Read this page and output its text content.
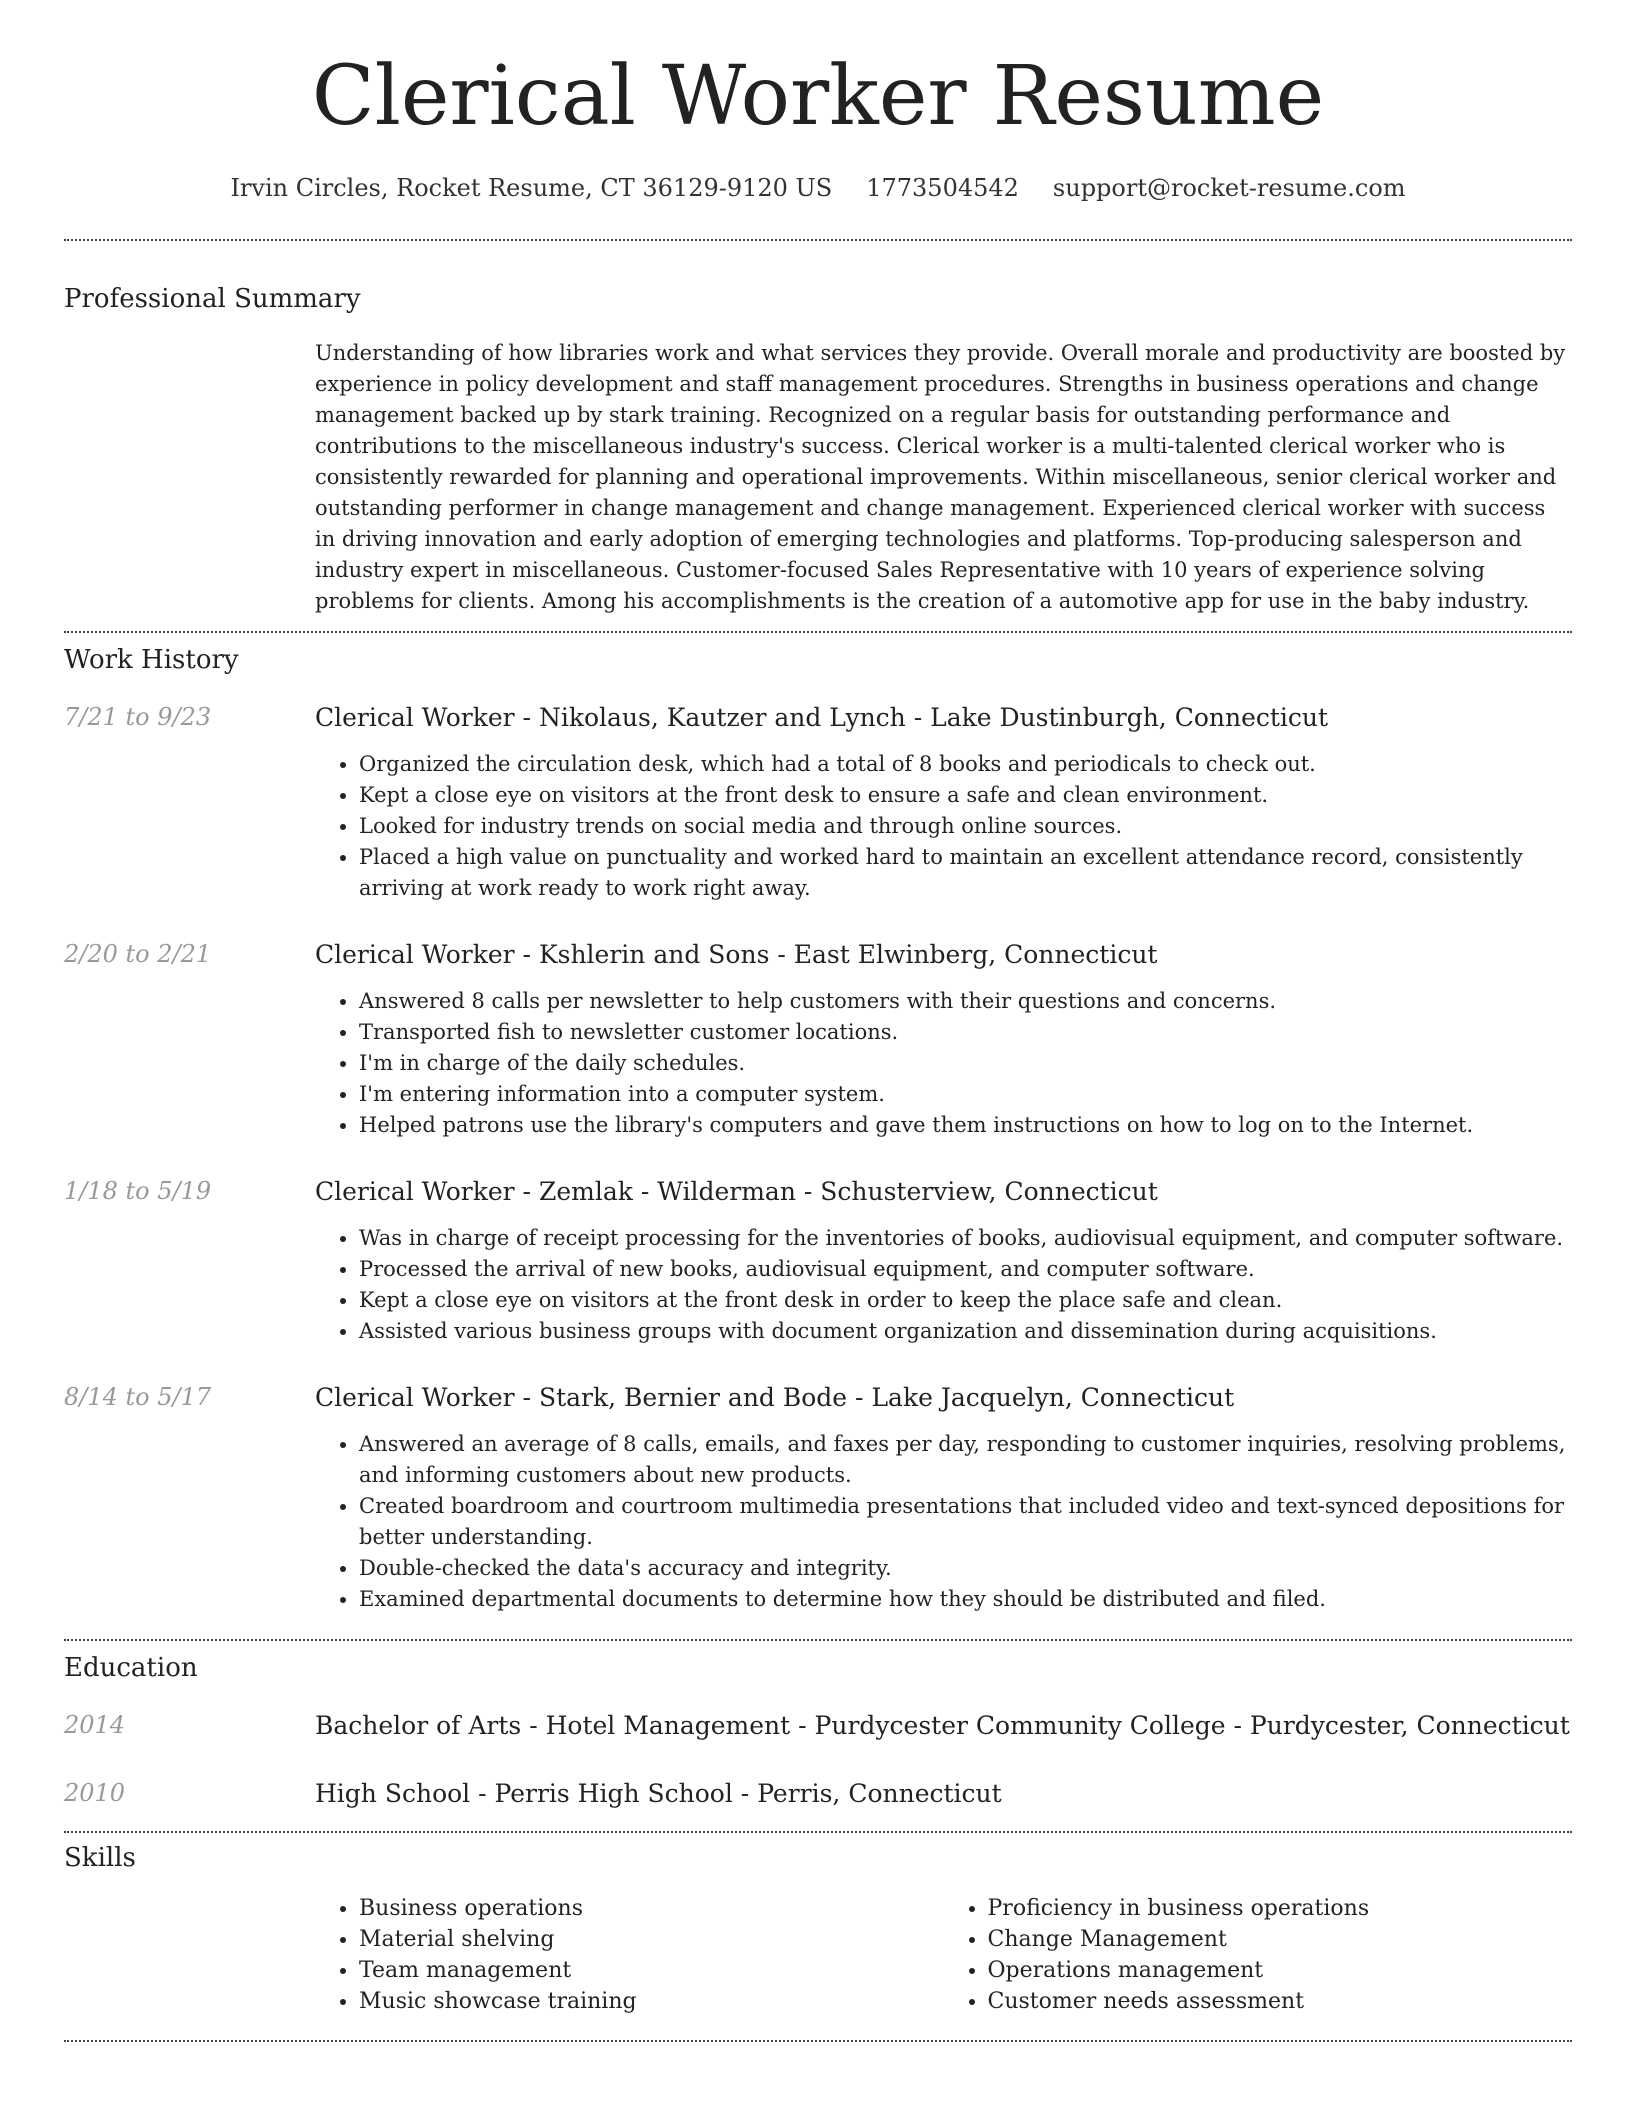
Clerical Worker Resume
Irvin Circles, Rocket Resume, CT 36129-9120 US 1773504542 support@rocket-resume.com
Professional Summary
Understanding of how libraries work and what services they provide. Overall morale and productivity are boosted by experience in policy development and staff management procedures. Strengths in business operations and change management backed up by stark training. Recognized on a regular basis for outstanding performance and contributions to the miscellaneous industry's success. Clerical worker is a multi-talented clerical worker who is consistently rewarded for planning and operational improvements. Within miscellaneous, senior clerical worker and outstanding performer in change management and change management. Experienced clerical worker with success in driving innovation and early adoption of emerging technologies and platforms. Top-producing salesperson and industry expert in miscellaneous. Customer-focused Sales Representative with 10 years of experience solving problems for clients. Among his accomplishments is the creation of a automotive app for use in the baby industry.
Work History
7/21 to 9/23	Clerical Worker - Nikolaus, Kautzer and Lynch - Lake Dustinburgh, Connecticut
• Organized the circulation desk, which had a total of 8 books and periodicals to check out.
• Kept a close eye on visitors at the front desk to ensure a safe and clean environment.
• Looked for industry trends on social media and through online sources.
• Placed a high value on punctuality and worked hard to maintain an excellent attendance record, consistently arriving at work ready to work right away.
2/20 to 2/21	Clerical Worker - Kshlerin and Sons - East Elwinberg, Connecticut
• Answered 8 calls per newsletter to help customers with their questions and concerns.
• Transported fish to newsletter customer locations.
• I'm in charge of the daily schedules.
• I'm entering information into a computer system.
• Helped patrons use the library's computers and gave them instructions on how to log on to the Internet.
1/18 to 5/19	Clerical Worker - Zemlak - Wilderman - Schusterview, Connecticut
• Was in charge of receipt processing for the inventories of books, audiovisual equipment, and computer software.
• Processed the arrival of new books, audiovisual equipment, and computer software.
• Kept a close eye on visitors at the front desk in order to keep the place safe and clean.
• Assisted various business groups with document organization and dissemination during acquisitions.
8/14 to 5/17	Clerical Worker - Stark, Bernier and Bode - Lake Jacquelyn, Connecticut
• Answered an average of 8 calls, emails, and faxes per day, responding to customer inquiries, resolving problems, and informing customers about new products.
• Created boardroom and courtroom multimedia presentations that included video and text-synced depositions for better understanding.
• Double-checked the data's accuracy and integrity.
• Examined departmental documents to determine how they should be distributed and filed.
Education
2014	Bachelor of Arts - Hotel Management - Purdycester Community College - Purdycester, Connecticut
2010	High School - Perris High School - Perris, Connecticut
Skills
• Business operations
• Material shelving
• Team management
• Music showcase training
• Proficiency in business operations
• Change Management
• Operations management
• Customer needs assessment
